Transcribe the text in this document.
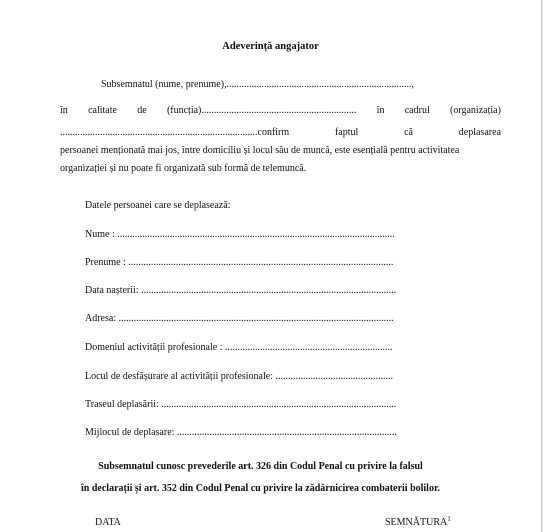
Adeverință angajator
Subsemnatul (nume, prenume),..........................................................................,
în calitate de (funcția).............................................................. în cadrul (organizația)
...............................................................................confirm	faptul	că	deplasarea
persoanei menționată mai jos, între domiciliu și locul său de muncă, este esențială pentru activitatea
organizației și nu poate fi organizată sub formă de telemuncă.
Datele persoanei care se deplasează:
Nume : ...............................................................................................................
Prenume : ..........................................................................................................
Data nașterii: ......................................................................................................
Adresa: ..............................................................................................................
Domeniul activității profesionale : ...................................................................
Locul de desfășurare al activității profesionale: ...............................................
Traseul deplasării: ..............................................................................................
Mijlocul de deplasare: ........................................................................................
Subsemnatul cunosc prevederile art. 326 din Codul Penal cu privire la falsul
în declarații și art. 352 din Codul Penal cu privire la zădărnicirea combaterii bolilor.
DATA	SEMNĂTURA$^1$
